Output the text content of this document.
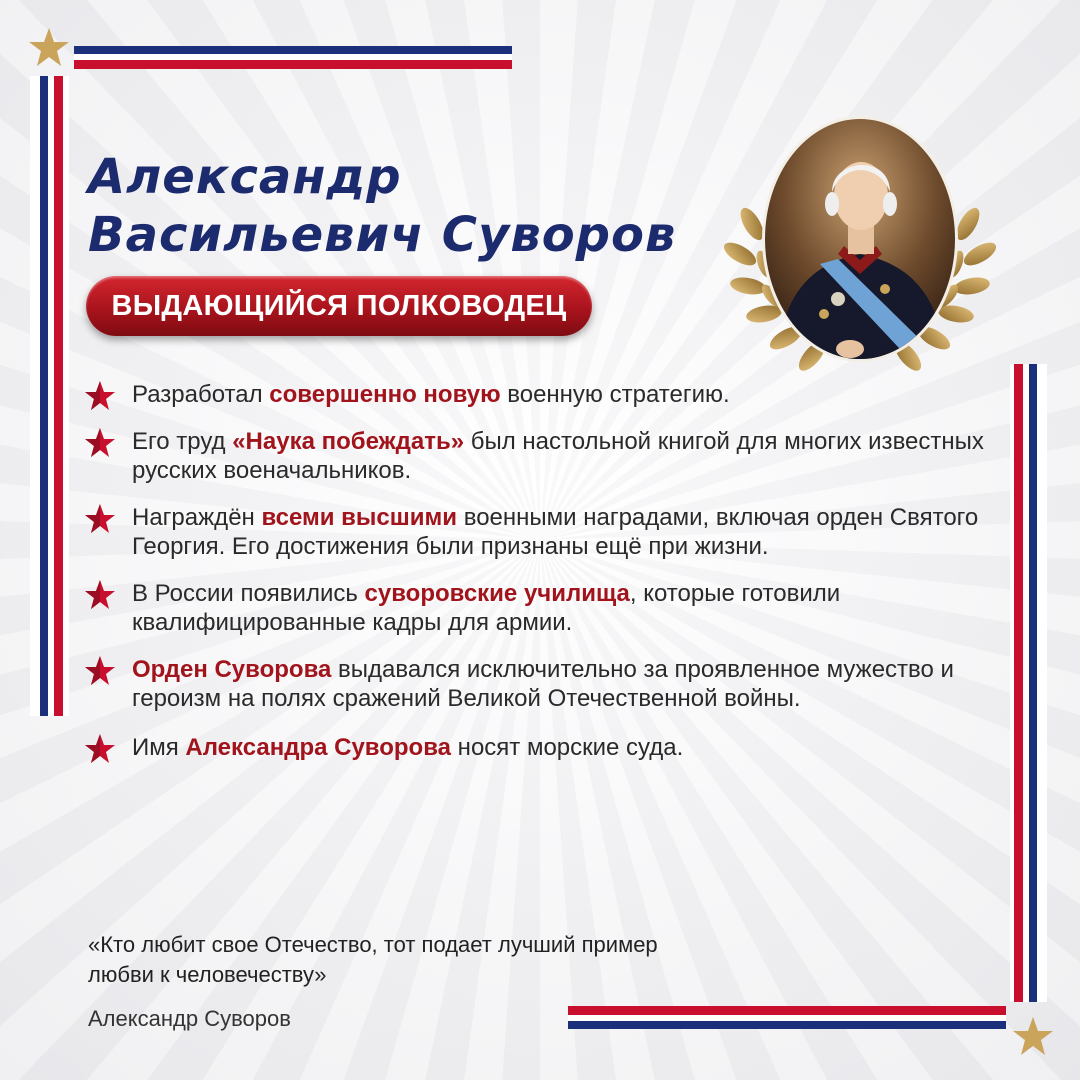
Александр
Васильевич Суворов
ВЫДАЮЩИЙСЯ ПОЛКОВОДЕЦ
Разработал совершенно новую военную стратегию.
Его труд «Наука побеждать» был настольной книгой для многих известных русских военачальников.
Награждён всеми высшими военными наградами, включая орден Святого Георгия. Его достижения были признаны ещё при жизни.
В России появились суворовские училища, которые готовили квалифицированные кадры для армии.
Орден Суворова выдавался исключительно за проявленное мужество и героизм на полях сражений Великой Отечественной войны.
Имя Александра Суворова носят морские суда.

«Кто любит свое Отечество, тот подает лучший пример любви к человечеству»

Александр Суворов
